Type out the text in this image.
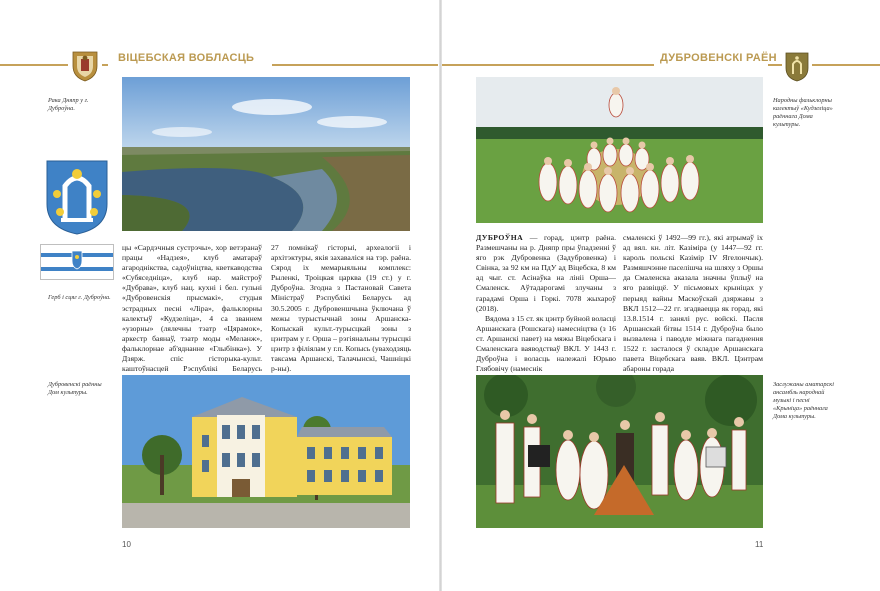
ВІЦЕБСКАЯ ВОБЛАСЦЬ
Рака Дняпр у г. Дуброўна.
Герб і сцяг г. Дуброўна.

цы «Сардэчныя сустрэчы», хор ветэранаў працы «Надзея», клуб аматараў агароднікства, садоўніцтва, кветкаводства «Субяседніца», клуб нар. майстроў «Дубрава», клуб нац. кухні і бел. гульні «Дубровенскія прысмакі», студыя эстрадных песні «Ліра», фальклорны калектыў «Кудзеліца», 4 са званнем «узорны» (лялечны тэатр «Цярамок», аркестр баянаў, тэатр моды «Меланж», фальклорнае аб'яднанне «Глыбінка»). У Дзярж. спіс гісторыка-культ. каштоўнасцей Рэспублікі Беларусь

27 помнікаў гісторыі, археалогіі і архітэктуры, якія захаваліся на тэр. раёна. Сярод іх мемарыяльны комплекс: Рыленкі, Троіцкая царква (19 ст.) у г. Дуброўна. Згодна з Пастановай Савета Міністраў Рэспублікі Беларусь ад 30.5.2005 г. Дубровеншчына ўключана ў межы турыстычнай зоны Аршанска-Копыскай культ.-турысцкай зоны з цэнтрам у г. Орша – рэгіянальны турысцкі цэнтр з філіялам у г.п. Копысь (уваходзяць таксама Аршанскі, Талачынскі, Чашніцкі р-ны).

Дубровенскі раённы Дом культуры.
10
ДУБРОВЕНСКІ РАЁН
Народны фальклорны калектыў «Кудзеліца» раённага Дома культуры.

ДУБРОЎНА — горад, цэнтр раёна. Размешчаны на р. Дняпр пры ўпадзенні ў яго рэк Дубровенка (Задубровенка) і Свінка, за 92 км на ПдУ ад Віцебска, 8 км ад чыг. ст. Асінаўка на лініі Орша—Смаленск. Аўтадарогамі злучаны з гарадамі Орша і Горкі. 7078 жыхароў (2018).

Вядома з 15 ст. як цэнтр буйной воласці Аршанскага (Рошскага) намесніцтва (з 16 ст. Аршанскі павет) на мяжы Віцебскага і Смаленскага ваяводстваў ВКЛ. У 1443 г. Дуброўна і воласць належалі Юрыю Глябовічу (намеснік

смаленскі ў 1492—99 гг.), які атрымаў іх ад вял. кн. літ. Казіміра (у 1447—92 гг. кароль польскі Казімір IV Ягелончык). Размяшчэнне паселішча на шляху з Оршы да Смаленска аказала значны ўплыў на яго развіццё. У пісьмовых крыніцах у перыяд вайны Маскоўскай дзяржавы з ВКЛ 1512—22 гг. згадваецца як горад, які 13.8.1514 г. занялі рус. войскі. Пасля Аршанскай бітвы 1514 г. Дуброўна было вызвалена і паводле міжнага пагаднення 1522 г. засталося ў складзе Аршанскага павета Віцебскага ваяв. ВКЛ. Цэнтрам абароны горада

Заслужаны аматарскі ансамбль народнай музыкі і песні «Крынiца» раённага Дома культуры.
11
